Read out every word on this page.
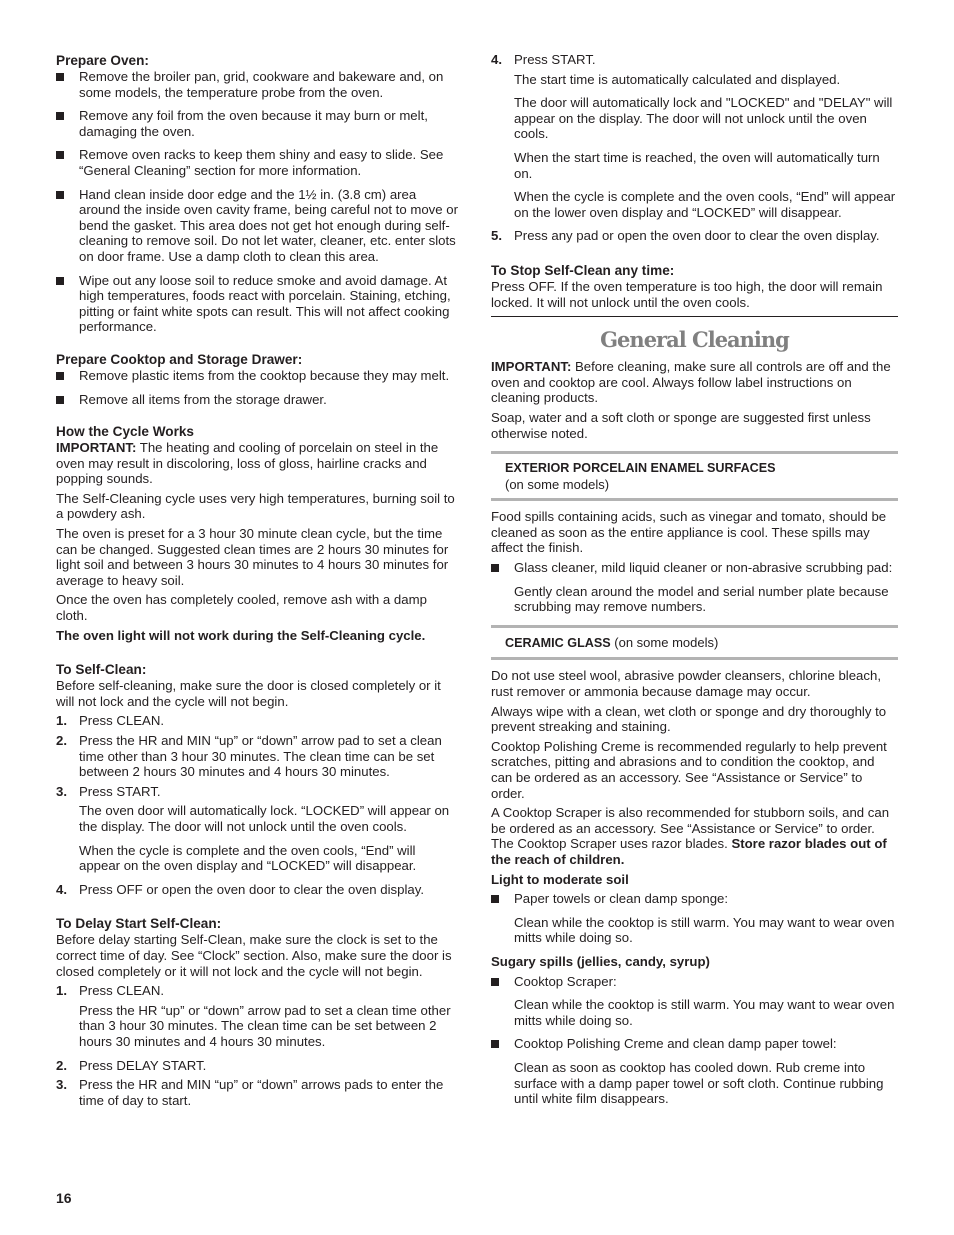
Prepare Oven:
Remove the broiler pan, grid, cookware and bakeware and, on some models, the temperature probe from the oven.
Remove any foil from the oven because it may burn or melt, damaging the oven.
Remove oven racks to keep them shiny and easy to slide. See “General Cleaning” section for more information.
Hand clean inside door edge and the 1½ in. (3.8 cm) area around the inside oven cavity frame, being careful not to move or bend the gasket. This area does not get hot enough during self-cleaning to remove soil. Do not let water, cleaner, etc. enter slots on door frame. Use a damp cloth to clean this area.
Wipe out any loose soil to reduce smoke and avoid damage. At high temperatures, foods react with porcelain. Staining, etching, pitting or faint white spots can result. This will not affect cooking performance.
Prepare Cooktop and Storage Drawer:
Remove plastic items from the cooktop because they may melt.
Remove all items from the storage drawer.
How the Cycle Works

IMPORTANT: The heating and cooling of porcelain on steel in the oven may result in discoloring, loss of gloss, hairline cracks and popping sounds.

The Self-Cleaning cycle uses very high temperatures, burning soil to a powdery ash.

The oven is preset for a 3 hour 30 minute clean cycle, but the time can be changed. Suggested clean times are 2 hours 30 minutes for light soil and between 3 hours 30 minutes to 4 hours 30 minutes for average to heavy soil.

Once the oven has completely cooled, remove ash with a damp cloth.

The oven light will not work during the Self-Cleaning cycle.

To Self-Clean:

Before self-cleaning, make sure the door is closed completely or it will not lock and the cycle will not begin.

1. Press CLEAN.
2. Press the HR and MIN “up” or “down” arrow pad to set a clean time other than 3 hour 30 minutes. The clean time can be set between 2 hours 30 minutes and 4 hours 30 minutes.
3. Press START.

The oven door will automatically lock. “LOCKED” will appear on the display. The door will not unlock until the oven cools.

When the cycle is complete and the oven cools, “End” will appear on the oven display and “LOCKED” will disappear.

4. Press OFF or open the oven door to clear the oven display.
To Delay Start Self-Clean:

Before delay starting Self-Clean, make sure the clock is set to the correct time of day. See “Clock” section. Also, make sure the door is closed completely or it will not lock and the cycle will not begin.

1. Press CLEAN.

Press the HR “up” or “down” arrow pad to set a clean time other than 3 hour 30 minutes. The clean time can be set between 2 hours 30 minutes and 4 hours 30 minutes.

2. Press DELAY START.
3. Press the HR and MIN “up” or “down” arrows pads to enter the time of day to start.
4. Press START.

The start time is automatically calculated and displayed.

The door will automatically lock and "LOCKED" and "DELAY" will appear on the display. The door will not unlock until the oven cools.

When the start time is reached, the oven will automatically turn on.

When the cycle is complete and the oven cools, “End” will appear on the lower oven display and “LOCKED” will disappear.

5. Press any pad or open the oven door to clear the oven display.
To Stop Self-Clean any time:

Press OFF. If the oven temperature is too high, the door will remain locked. It will not unlock until the oven cools.

General Cleaning

IMPORTANT: Before cleaning, make sure all controls are off and the oven and cooktop are cool. Always follow label instructions on cleaning products.

Soap, water and a soft cloth or sponge are suggested first unless otherwise noted.

EXTERIOR PORCELAIN ENAMEL SURFACES
(on some models)

Food spills containing acids, such as vinegar and tomato, should be cleaned as soon as the entire appliance is cool. These spills may affect the finish.

Glass cleaner, mild liquid cleaner or non-abrasive scrubbing pad:

Gently clean around the model and serial number plate because scrubbing may remove numbers.

CERAMIC GLASS (on some models)

Do not use steel wool, abrasive powder cleansers, chlorine bleach, rust remover or ammonia because damage may occur.

Always wipe with a clean, wet cloth or sponge and dry thoroughly to prevent streaking and staining.

Cooktop Polishing Creme is recommended regularly to help prevent scratches, pitting and abrasions and to condition the cooktop, and can be ordered as an accessory. See “Assistance or Service” to order.

A Cooktop Scraper is also recommended for stubborn soils, and can be ordered as an accessory. See “Assistance or Service” to order. The Cooktop Scraper uses razor blades. Store razor blades out of the reach of children.

Light to moderate soil

Paper towels or clean damp sponge:

Clean while the cooktop is still warm. You may want to wear oven mitts while doing so.

Sugary spills (jellies, candy, syrup)

Cooktop Scraper:

Clean while the cooktop is still warm. You may want to wear oven mitts while doing so.

Cooktop Polishing Creme and clean damp paper towel:

Clean as soon as cooktop has cooled down. Rub creme into surface with a damp paper towel or soft cloth. Continue rubbing until white film disappears.

16
